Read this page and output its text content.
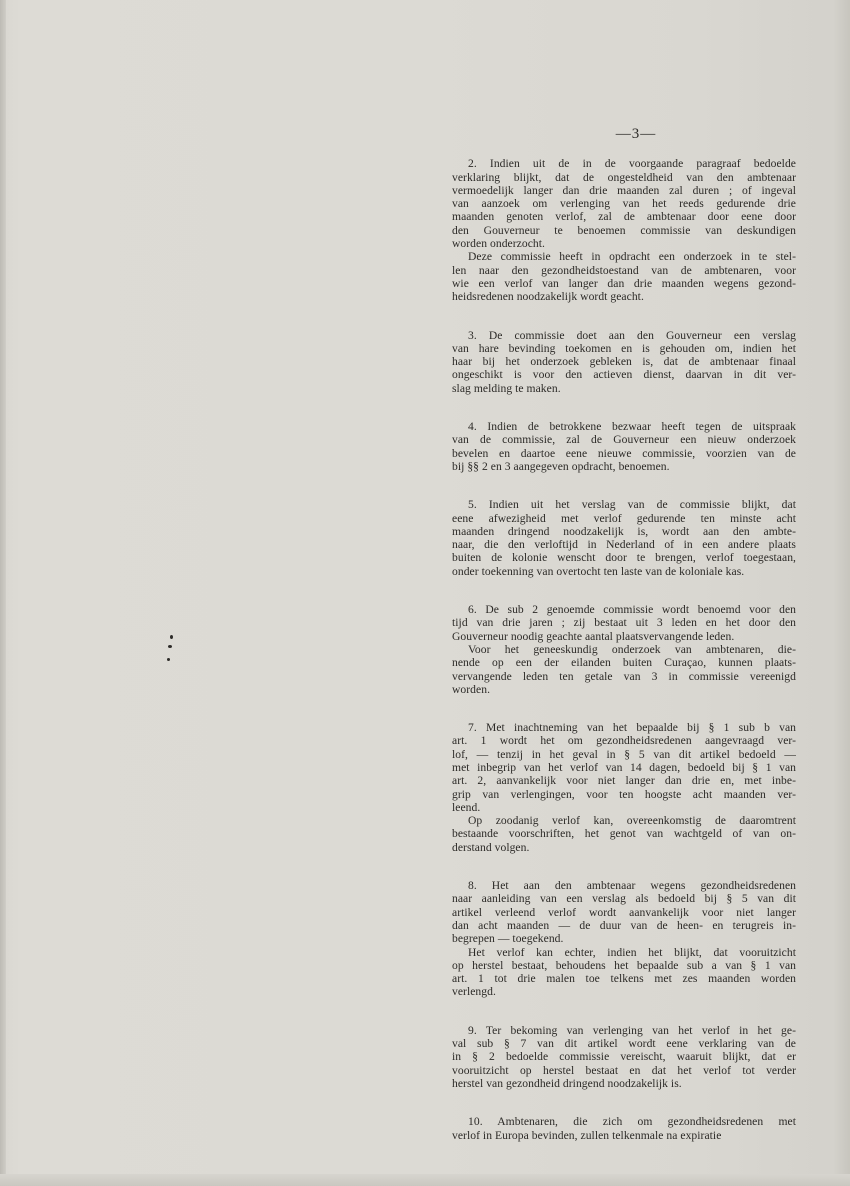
—3—
2. Indien uit de in de voorgaande paragraaf bedoelde
verklaring blijkt, dat de ongesteldheid van den ambtenaar
vermoedelijk langer dan drie maanden zal duren ; of ingeval
van aanzoek om verlenging van het reeds gedurende drie
maanden genoten verlof, zal de ambtenaar door eene door
den Gouverneur te benoemen commissie van deskundigen
worden onderzocht.
Deze commissie heeft in opdracht een onderzoek in te stel-
len naar den gezondheidstoestand van de ambtenaren, voor
wie een verlof van langer dan drie maanden wegens gezond-
heidsredenen noodzakelijk wordt geacht.
3. De commissie doet aan den Gouverneur een verslag
van hare bevinding toekomen en is gehouden om, indien het
haar bij het onderzoek gebleken is, dat de ambtenaar finaal
ongeschikt is voor den actieven dienst, daarvan in dit ver-
slag melding te maken.
4. Indien de betrokkene bezwaar heeft tegen de uitspraak
van de commissie, zal de Gouverneur een nieuw onderzoek
bevelen en daartoe eene nieuwe commissie, voorzien van de
bij §§ 2 en 3 aangegeven opdracht, benoemen.
5. Indien uit het verslag van de commissie blijkt, dat
eene afwezigheid met verlof gedurende ten minste acht
maanden dringend noodzakelijk is, wordt aan den ambte-
naar, die den verloftijd in Nederland of in een andere plaats
buiten de kolonie wenscht door te brengen, verlof toegestaan,
onder toekenning van overtocht ten laste van de koloniale kas.
6. De sub 2 genoemde commissie wordt benoemd voor den
tijd van drie jaren ; zij bestaat uit 3 leden en het door den
Gouverneur noodig geachte aantal plaatsvervangende leden.
Voor het geneeskundig onderzoek van ambtenaren, die-
nende op een der eilanden buiten Curaçao, kunnen plaats-
vervangende leden ten getale van 3 in commissie vereenigd
worden.
7. Met inachtneming van het bepaalde bij § 1 sub b van
art. 1 wordt het om gezondheidsredenen aangevraagd ver-
lof, — tenzij in het geval in § 5 van dit artikel bedoeld —
met inbegrip van het verlof van 14 dagen, bedoeld bij § 1 van
art. 2, aanvankelijk voor niet langer dan drie en, met inbe-
grip van verlengingen, voor ten hoogste acht maanden ver-
leend.
Op zoodanig verlof kan, overeenkomstig de daaromtrent
bestaande voorschriften, het genot van wachtgeld of van on-
derstand volgen.
8. Het aan den ambtenaar wegens gezondheidsredenen
naar aanleiding van een verslag als bedoeld bij § 5 van dit
artikel verleend verlof wordt aanvankelijk voor niet langer
dan acht maanden — de duur van de heen- en terugreis in-
begrepen — toegekend.
Het verlof kan echter, indien het blijkt, dat vooruitzicht
op herstel bestaat, behoudens het bepaalde sub a van § 1 van
art. 1 tot drie malen toe telkens met zes maanden worden
verlengd.
9. Ter bekoming van verlenging van het verlof in het ge-
val sub § 7 van dit artikel wordt eene verklaring van de
in § 2 bedoelde commissie vereischt, waaruit blijkt, dat er
vooruitzicht op herstel bestaat en dat het verlof tot verder
herstel van gezondheid dringend noodzakelijk is.
10. Ambtenaren, die zich om gezondheidsredenen met
verlof in Europa bevinden, zullen telkenmale na expiratie
